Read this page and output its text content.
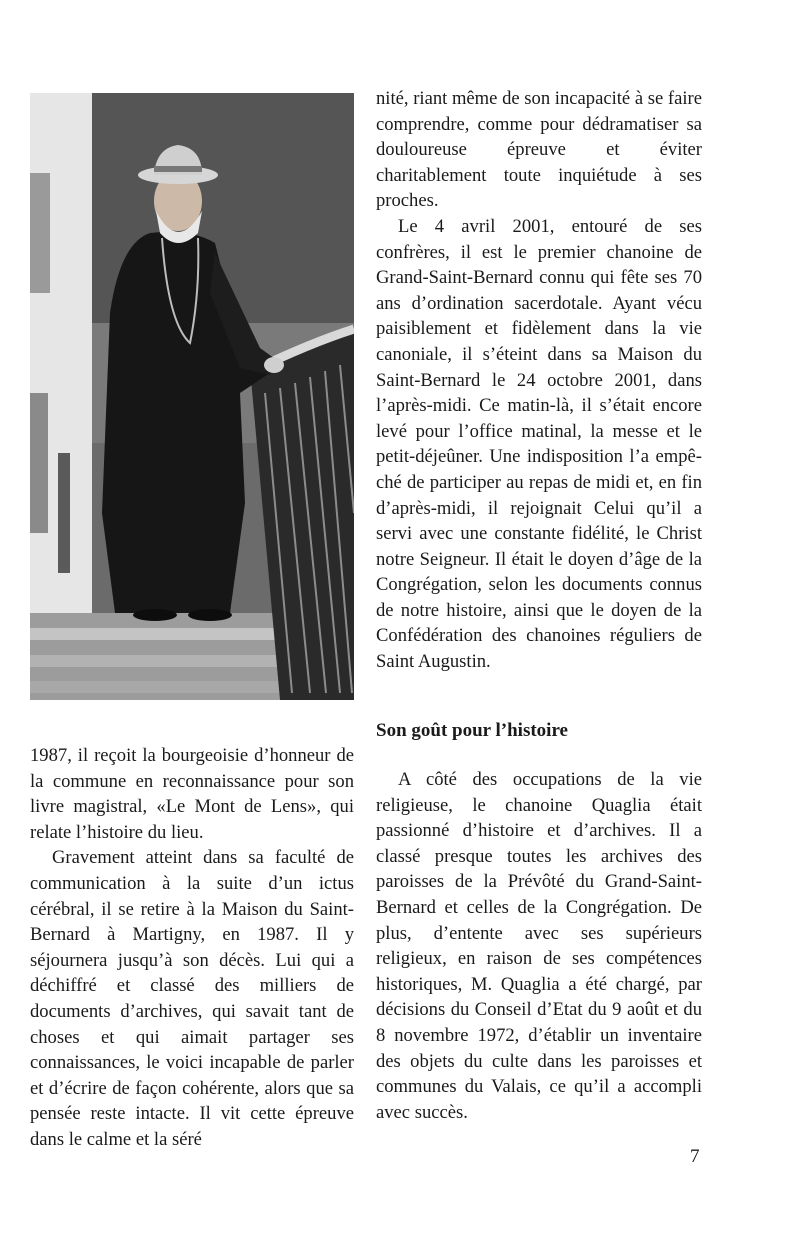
1987, il reçoit la bourgeoisie d’honneur de la commune en reconnaissance pour son livre magistral, «Le Mont de Lens», qui relate l’histoire du lieu.

Gravement atteint dans sa faculté de communication à la suite d’un ictus cérébral, il se retire à la Maison du Saint-Bernard à Martigny, en 1987. Il y séjournera jusqu’à son décès. Lui qui a déchiffré et classé des milliers de documents d’archives, qui savait tant de choses et qui aimait partager ses connaissances, le voici incapable de parler et d’écrire de façon cohérente, alors que sa pensée reste intacte. Il vit cette épreuve dans le calme et la séré

nité, riant même de son incapacité à se faire comprendre, comme pour dédramatiser sa douloureuse épreuve et éviter charitablement toute inquiétude à ses proches.

Le 4 avril 2001, entouré de ses confrères, il est le premier chanoine de Grand-Saint-Bernard connu qui fête ses 70 ans d’ordination sacerdotale. Ayant vécu paisiblement et fidèlement dans la vie canoniale, il s’éteint dans sa Maison du Saint-Bernard le 24 octobre 2001, dans l’après-midi. Ce matin-là, il s’était encore levé pour l’office matinal, la messe et le petit-déjeûner. Une indisposition l’a empêché de participer au repas de midi et, en fin d’après-midi, il rejoignait Celui qu’il a servi avec une constante fidélité, le Christ notre Seigneur. Il était le doyen d’âge de la Congrégation, selon les documents connus de notre histoire, ainsi que le doyen de la Confédération des chanoines réguliers de Saint Augustin.

Son goût pour l’histoire

A côté des occupations de la vie religieuse, le chanoine Quaglia était passionné d’histoire et d’archives. Il a classé presque toutes les archives des paroisses de la Prévôté du Grand-Saint-Bernard et celles de la Congrégation. De plus, d’entente avec ses supérieurs religieux, en raison de ses compétences historiques, M. Quaglia a été chargé, par décisions du Conseil d’Etat du 9 août et du 8 novembre 1972, d’établir un inventaire des objets du culte dans les paroisses et communes du Valais, ce qu’il a accompli avec succès.

7
